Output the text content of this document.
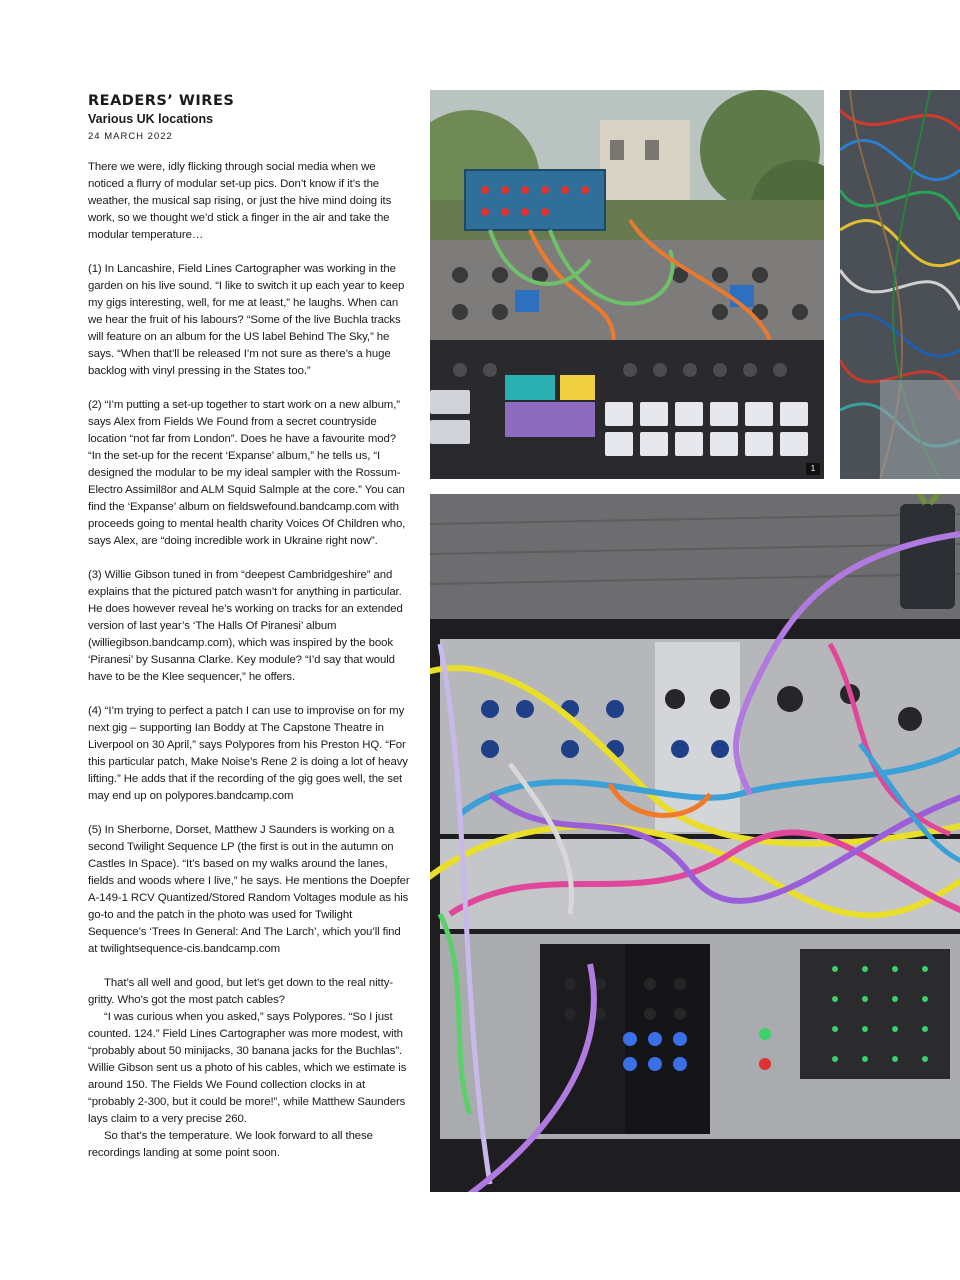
READERS’ WIRES
Various UK locations
24 MARCH 2022

There we were, idly flicking through social media when we noticed a flurry of modular set-up pics. Don’t know if it’s the weather, the musical sap rising, or just the hive mind doing its work, so we thought we’d stick a finger in the air and take the modular temperature…

(1) In Lancashire, Field Lines Cartographer was working in the garden on his live sound. “I like to switch it up each year to keep my gigs interesting, well, for me at least,” he laughs. When can we hear the fruit of his labours? “Some of the live Buchla tracks will feature on an album for the US label Behind The Sky,” he says. “When that’ll be released I’m not sure as there’s a huge backlog with vinyl pressing in the States too.”

(2) “I’m putting a set-up together to start work on a new album,” says Alex from Fields We Found from a secret countryside location “not far from London”. Does he have a favourite mod? “In the set-up for the recent ‘Expanse’ album,” he tells us, “I designed the modular to be my ideal sampler with the Rossum-Electro Assimil8or and ALM Squid Salmple at the core.” You can find the ‘Expanse’ album on fieldswefound.bandcamp.com with proceeds going to mental health charity Voices Of Children who, says Alex, are “doing incredible work in Ukraine right now”.

(3) Willie Gibson tuned in from “deepest Cambridgeshire” and explains that the pictured patch wasn’t for anything in particular. He does however reveal he’s working on tracks for an extended version of last year’s ‘The Halls Of Piranesi’ album (williegibson.bandcamp.com), which was inspired by the book ‘Piranesi’ by Susanna Clarke. Key module? “I’d say that would have to be the Klee sequencer,” he offers.

(4) “I’m trying to perfect a patch I can use to improvise on for my next gig – supporting Ian Boddy at The Capstone Theatre in Liverpool on 30 April,” says Polypores from his Preston HQ. “For this particular patch, Make Noise’s Rene 2 is doing a lot of heavy lifting.” He adds that if the recording of the gig goes well, the set may end up on polypores.bandcamp.com

(5) In Sherborne, Dorset, Matthew J Saunders is working on a second Twilight Sequence LP (the first is out in the autumn on Castles In Space). “It’s based on my walks around the lanes, fields and woods where I live,” he says. He mentions the Doepfer A-149-1 RCV Quantized/Stored Random Voltages module as his go-to and the patch in the photo was used for Twilight Sequence’s ‘Trees In General: And The Larch’, which you’ll find at twilightsequence-cis.bandcamp.com

That’s all well and good, but let’s get down to the real nitty-gritty. Who’s got the most patch cables?

“I was curious when you asked,” says Polypores. “So I just counted. 124.” Field Lines Cartographer was more modest, with “probably about 50 minijacks, 30 banana jacks for the Buchlas”. Willie Gibson sent us a photo of his cables, which we estimate is around 150. The Fields We Found collection clocks in at “probably 2-300, but it could be more!”, while Matthew Saunders lays claim to a very precise 260.

So that’s the temperature. We look forward to all these recordings landing at some point soon.

1
